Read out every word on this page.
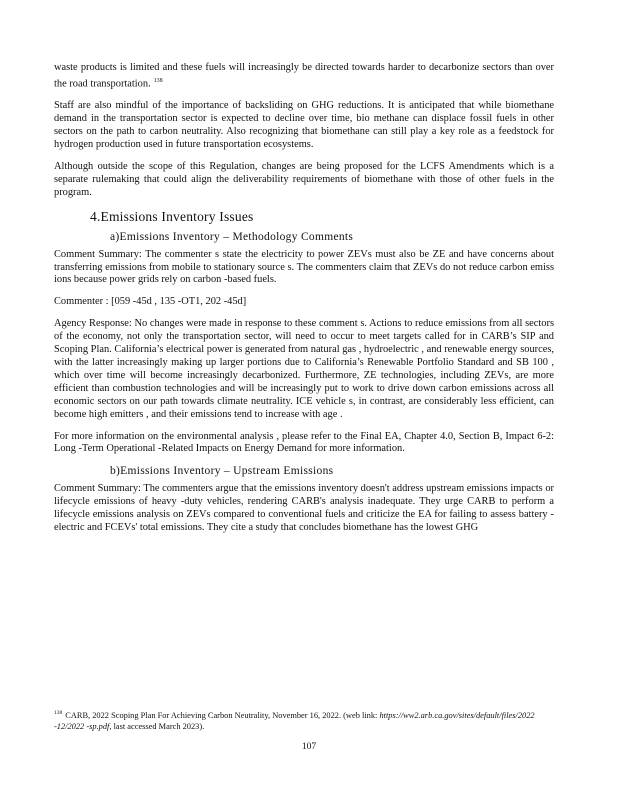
waste products is limited and these fuels will increasingly be directed towards harder to decarbonize sectors than over the road transportation. $^{138}$

Staff are also mindful of the importance of backsliding on GHG reductions. It is anticipated that while biomethane demand in the transportation sector is expected to decline over time, bio methane can displace fossil fuels in other sectors on the path to carbon neutrality. Also recognizing that biomethane can still play a key role as a feedstock for hydrogen production used in future transportation ecosystems.

Although outside the scope of this Regulation, changes are being proposed for the LCFS Amendments which is a separate rulemaking that could align the deliverability requirements of biomethane with those of other fuels in the program.

4.Emissions Inventory Issues
a)Emissions Inventory – Methodology Comments

Comment Summary: The commenter s state the electricity to power ZEVs must also be ZE and have concerns about transferring emissions from mobile to stationary source s. The commenters claim that ZEVs do not reduce carbon emiss ions because power grids rely on carbon -based fuels.

Commenter : [059 -45d , 135 -OT1, 202 -45d]

Agency Response: No changes were made in response to these comment s. Actions to reduce emissions from all sectors of the economy, not only the transportation sector, will need to occur to meet targets called for in CARB’s SIP and Scoping Plan. California’s electrical power is generated from natural gas , hydroelectric , and renewable energy sources, with the latter increasingly making up larger portions due to California’s Renewable Portfolio Standard and SB 100 , which over time will become increasingly decarbonized. Furthermore, ZE technologies, including ZEVs, are more efficient than combustion technologies and will be increasingly put to work to drive down carbon emissions across all economic sectors on our path towards climate neutrality. ICE vehicle s, in contrast, are considerably less efficient, can become high emitters , and their emissions tend to increase with age .

For more information on the environmental analysis , please refer to the Final EA, Chapter 4.0, Section B, Impact 6-2: Long -Term Operational -Related Impacts on Energy Demand for more information.

b)Emissions Inventory – Upstream Emissions

Comment Summary: The commenters argue that the emissions inventory doesn't address upstream emissions impacts or lifecycle emissions of heavy -duty vehicles, rendering CARB's analysis inadequate. They urge CARB to perform a lifecycle emissions analysis on ZEVs compared to conventional fuels and criticize the EA for failing to assess battery -electric and FCEVs' total emissions. They cite a study that concludes biomethane has the lowest GHG

$^{138}$ CARB, 2022 Scoping Plan For Achieving Carbon Neutrality, November 16, 2022. (web link: https://ww2.arb.ca.gov/sites/default/files/2022 -12/2022 -sp.pdf, last accessed March 2023).
107
